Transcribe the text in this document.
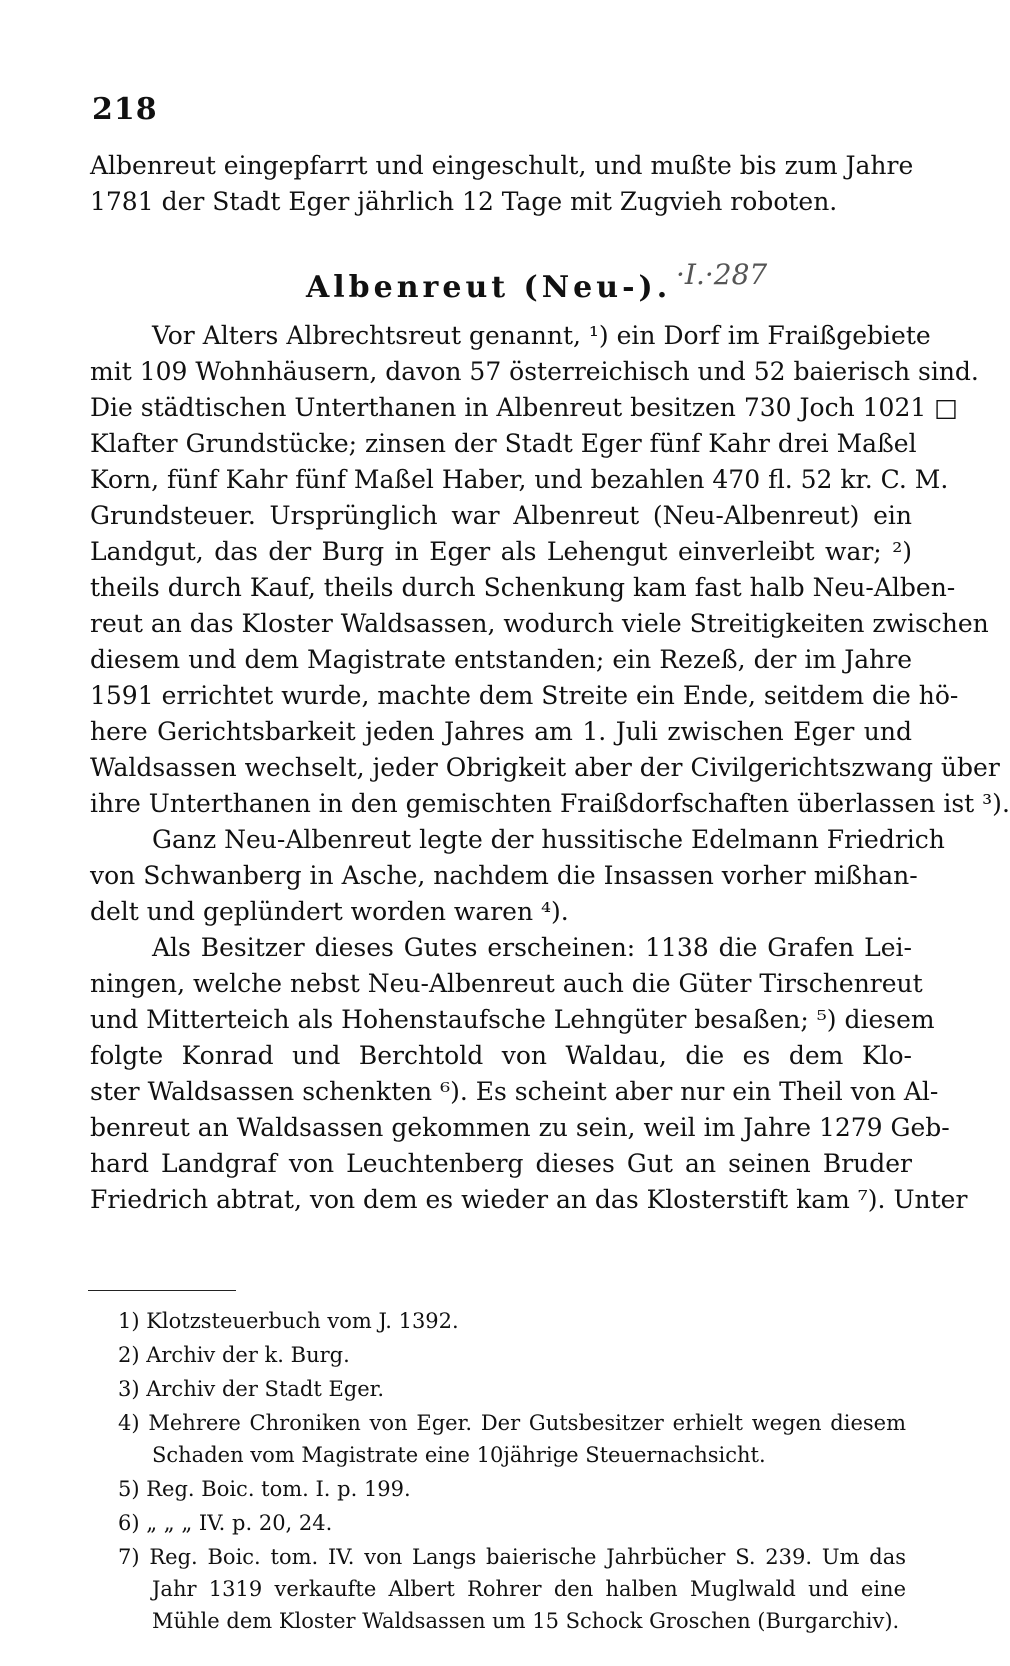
218
Albenreut eingepfarrt und eingeschult, und mußte bis zum Jahre
1781 der Stadt Eger jährlich 12 Tage mit Zugvieh roboten.
Albenreut (Neu-). ·I.·287
Vor Alters Albrechtsreut genannt, ¹) ein Dorf im Fraißgebiete
mit 109 Wohnhäusern, davon 57 österreichisch und 52 baierisch sind.
Die städtischen Unterthanen in Albenreut besitzen 730 Joch 1021 □
Klafter Grundstücke; zinsen der Stadt Eger fünf Kahr drei Maßel
Korn, fünf Kahr fünf Maßel Haber, und bezahlen 470 fl. 52 kr. C. M.
Grundsteuer. Ursprünglich war Albenreut (Neu-Albenreut) ein
Landgut, das der Burg in Eger als Lehengut einverleibt war; ²)
theils durch Kauf, theils durch Schenkung kam fast halb Neu-Alben-
reut an das Kloster Waldsassen, wodurch viele Streitigkeiten zwischen
diesem und dem Magistrate entstanden; ein Rezeß, der im Jahre
1591 errichtet wurde, machte dem Streite ein Ende, seitdem die hö-
here Gerichtsbarkeit jeden Jahres am 1. Juli zwischen Eger und
Waldsassen wechselt, jeder Obrigkeit aber der Civilgerichtszwang über
ihre Unterthanen in den gemischten Fraißdorfschaften überlassen ist ³).
Ganz Neu-Albenreut legte der hussitische Edelmann Friedrich
von Schwanberg in Asche, nachdem die Insassen vorher mißhan-
delt und geplündert worden waren ⁴).
Als Besitzer dieses Gutes erscheinen: 1138 die Grafen Lei-
ningen, welche nebst Neu-Albenreut auch die Güter Tirschenreut
und Mitterteich als Hohenstaufsche Lehngüter besaßen; ⁵) diesem
folgte Konrad und Berchtold von Waldau, die es dem Klo-
ster Waldsassen schenkten ⁶). Es scheint aber nur ein Theil von Al-
benreut an Waldsassen gekommen zu sein, weil im Jahre 1279 Geb-
hard Landgraf von Leuchtenberg dieses Gut an seinen Bruder
Friedrich abtrat, von dem es wieder an das Klosterstift kam ⁷). Unter
1) Klotzsteuerbuch vom J. 1392.
2) Archiv der k. Burg.
3) Archiv der Stadt Eger.
4) Mehrere Chroniken von Eger. Der Gutsbesitzer erhielt wegen diesem
Schaden vom Magistrate eine 10jährige Steuernachsicht.
5) Reg. Boic. tom. I. p. 199.
6) „ „ „ IV. p. 20, 24.
7) Reg. Boic. tom. IV. von Langs baierische Jahrbücher S. 239. Um das
Jahr 1319 verkaufte Albert Rohrer den halben Muglwald und eine
Mühle dem Kloster Waldsassen um 15 Schock Groschen (Burgarchiv).
